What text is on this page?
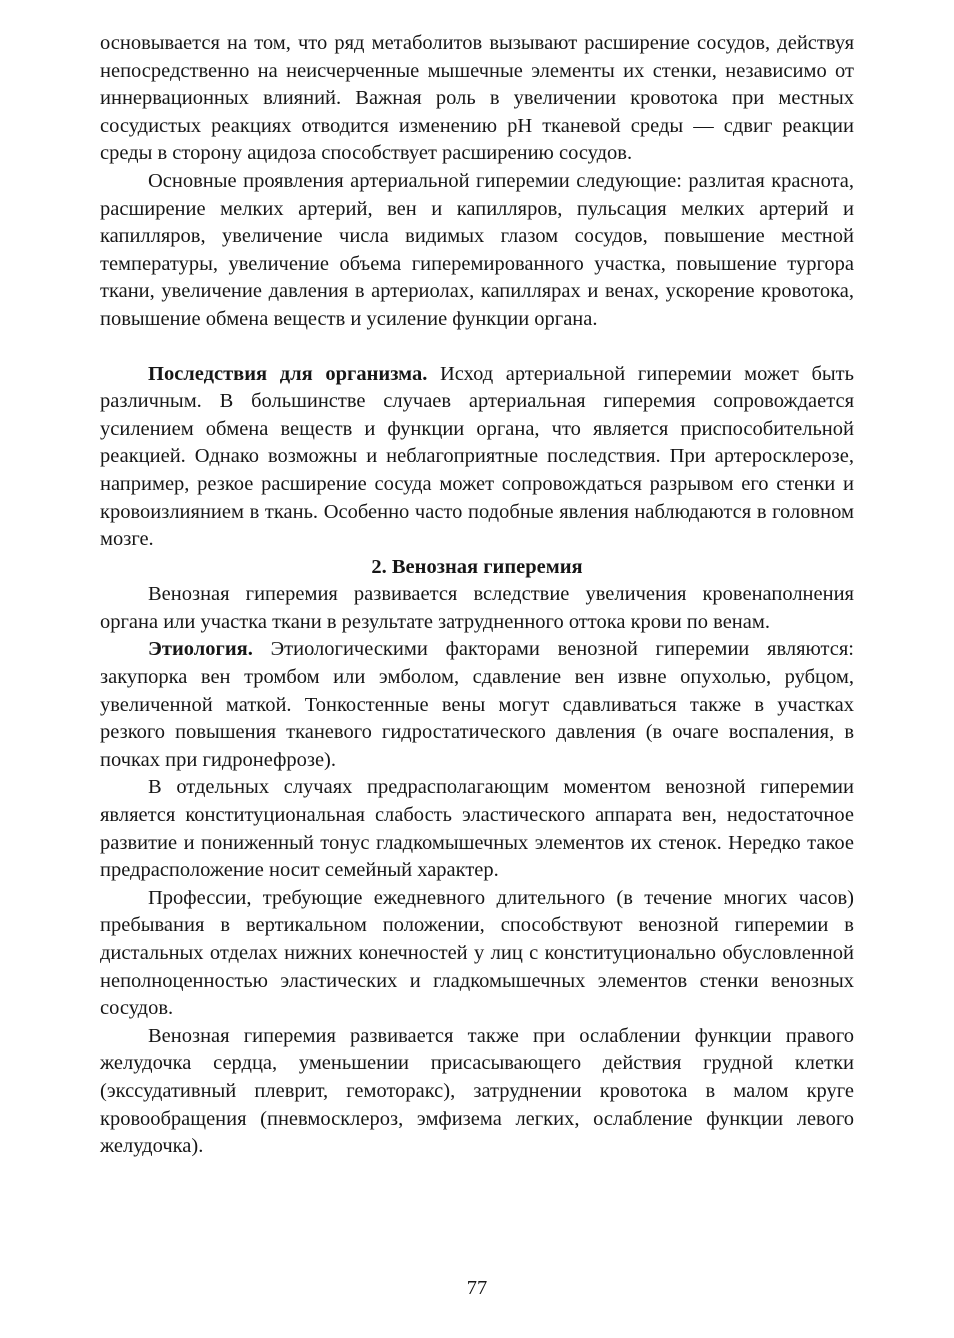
основывается на том, что ряд метаболитов вызывают расширение сосудов, действуя непосредственно на неисчерченные мышечные элементы их стенки, независимо от иннервационных влияний. Важная роль в увеличении кровотока при местных сосудистых реакциях отводится изменению рН тканевой среды — сдвиг реакции среды в сторону ацидоза способствует расширению сосудов.

Основные проявления артериальной гиперемии следующие: разлитая краснота, расширение мелких артерий, вен и капилляров, пульсация мелких артерий и капилляров, увеличение числа видимых глазом сосудов, повышение местной температуры, увеличение объема гиперемированного участка, повышение тургора ткани, увеличение давления в артериолах, капиллярах и венах, ускорение кровотока, повышение обмена веществ и усиление функции органа.

Последствия для организма. Исход артериальной гиперемии может быть различным. В большинстве случаев артериальная гиперемия сопровождается усилением обмена веществ и функции органа, что является приспособительной реакцией. Однако возможны и неблагоприятные последствия. При артеросклерозе, например, резкое расширение сосуда может сопровождаться разрывом его стенки и кровоизлиянием в ткань. Особенно часто подобные явления наблюдаются в головном мозге.

2. Венозная гиперемия

Венозная гиперемия развивается вследствие увеличения кровенаполнения органа или участка ткани в результате затрудненного оттока крови по венам.

Этиология. Этиологическими факторами венозной гиперемии являются: закупорка вен тромбом или эмболом, сдавление вен извне опухолью, рубцом, увеличенной маткой. Тонкостенные вены могут сдавливаться также в участках резкого повышения тканевого гидростатического давления (в очаге воспаления, в почках при гидронефрозе).

В отдельных случаях предрасполагающим моментом венозной гиперемии является конституциональная слабость эластического аппарата вен, недостаточное развитие и пониженный тонус гладкомышечных элементов их стенок. Нередко такое предрасположение носит семейный характер.

Профессии, требующие ежедневного длительного (в течение многих часов) пребывания в вертикальном положении, способствуют венозной гиперемии в дистальных отделах нижних конечностей у лиц с конституционально обусловленной неполноценностью эластических и гладкомышечных элементов стенки венозных сосудов.

Венозная гиперемия развивается также при ослаблении функции правого желудочка сердца, уменьшении присасывающего действия грудной клетки (экссудативный плеврит, гемоторакс), затруднении кровотока в малом круге кровообращения (пневмосклероз, эмфизема легких, ослабление функции левого желудочка).

77
